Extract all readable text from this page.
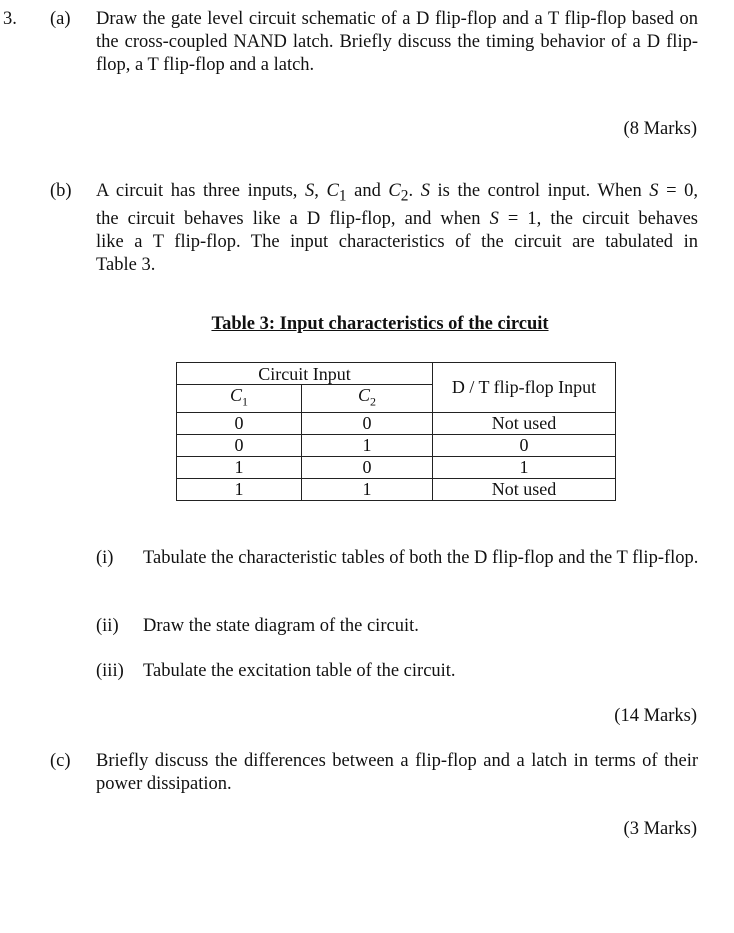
3. (a) Draw the gate level circuit schematic of a D flip-flop and a T flip-flop based on the cross-coupled NAND latch. Briefly discuss the timing behavior of a D flip-flop, a T flip-flop and a latch.
(8 Marks)
(b) A circuit has three inputs, S, $C_1$ and $C_2$. S is the control input. When S = 0,
the circuit behaves like a D flip-flop, and when S = 1, the circuit behaves
like a T flip-flop. The input characteristics of the circuit are tabulated in
Table 3.
Table 3: Input characteristics of the circuit
Circuit Input		D / T flip-flop Input
$C_1$	$C_2$
0	0	Not used
0	1	0
1	0	1
1	1	Not used
(i) Tabulate the characteristic tables of both the D flip-flop and the T flip-flop.
(ii) Draw the state diagram of the circuit.
(iii) Tabulate the excitation table of the circuit.
(14 Marks)
(c) Briefly discuss the differences between a flip-flop and a latch in terms of their power dissipation.
(3 Marks)
